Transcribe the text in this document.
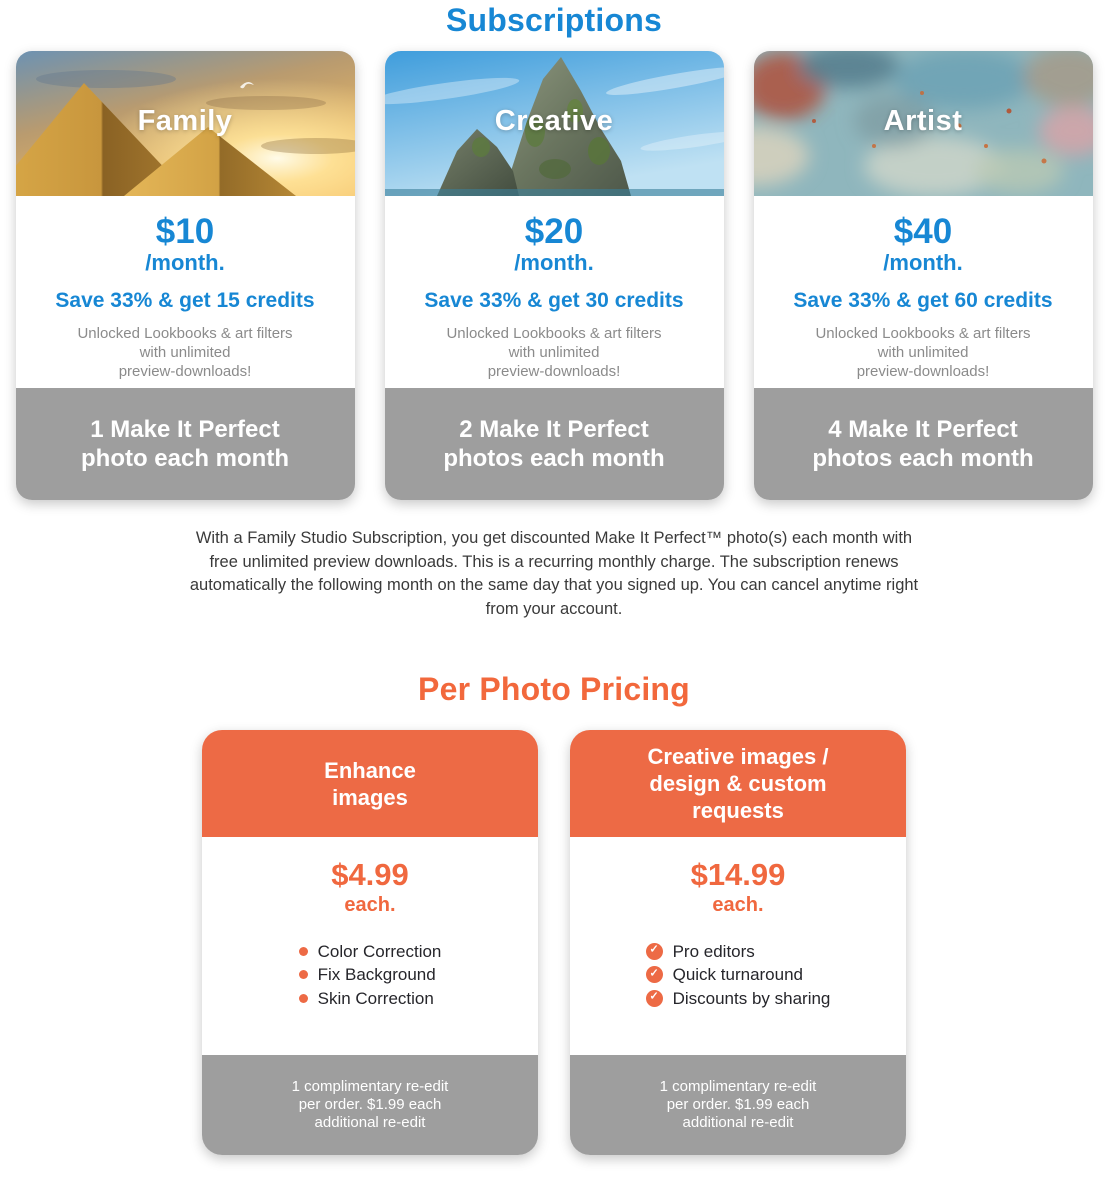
Subscriptions
Family
$10
/month.
Save 33% & get 15 credits
Unlocked Lookbooks & art filters
with unlimited
preview-downloads!
1 Make It Perfect
photo each month
Creative
$20
/month.
Save 33% & get 30 credits
Unlocked Lookbooks & art filters
with unlimited
preview-downloads!
2 Make It Perfect
photos each month
Artist
$40
/month.
Save 33% & get 60 credits
Unlocked Lookbooks & art filters
with unlimited
preview-downloads!
4 Make It Perfect
photos each month

With a Family Studio Subscription, you get discounted Make It Perfect™ photo(s) each month with free unlimited preview downloads. This is a recurring monthly charge. The subscription renews automatically the following month on the same day that you signed up. You can cancel anytime right from your account.

Per Photo Pricing
Enhance
images
$4.99
each.
Color Correction
Fix Background
Skin Correction
1 complimentary re-edit
per order. $1.99 each
additional re-edit
Creative images /
design & custom
requests
$14.99
each.
✓
Pro editors
✓
Quick turnaround
✓
Discounts by sharing
1 complimentary re-edit
per order. $1.99 each
additional re-edit
